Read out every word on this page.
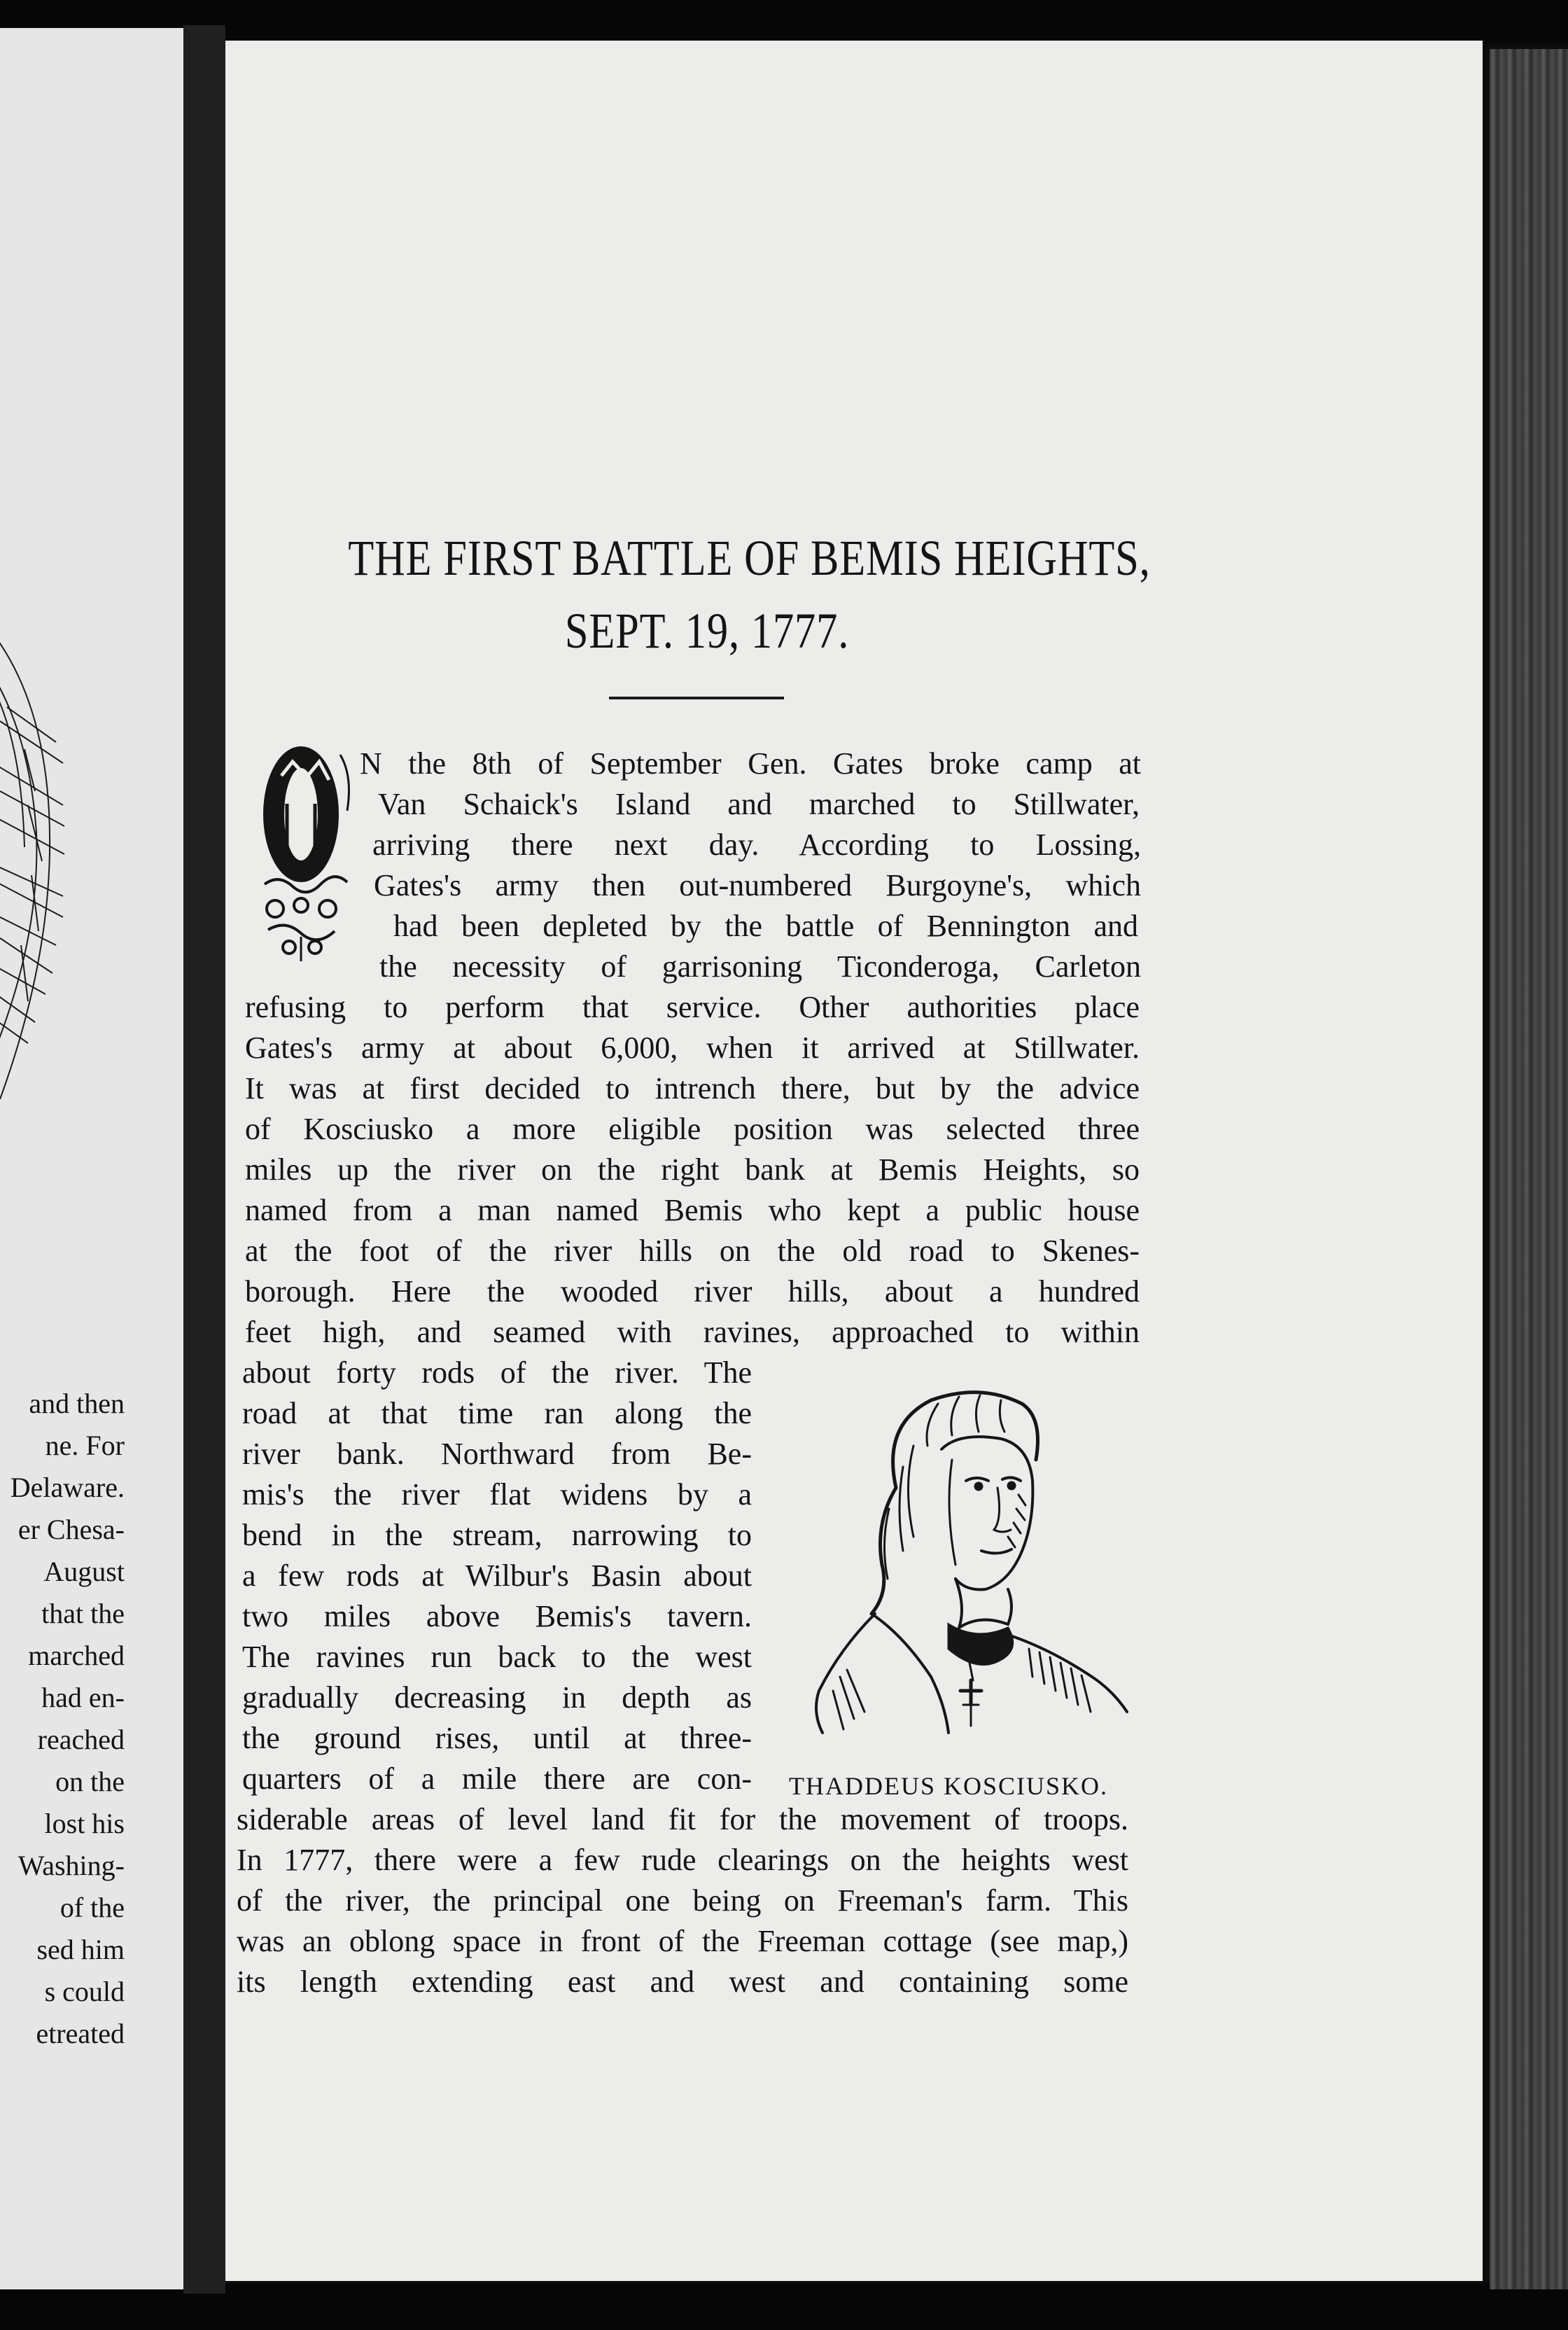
and then
ne. For
Delaware.
er Chesa-
August
that the
marched
had en-
reached
on the
lost his
Washing-
of the
sed him
s could
etreated
THE FIRST BATTLE OF BEMIS HEIGHTS,
SEPT. 19, 1777.
N the 8th of September Gen. Gates broke camp at
Van Schaick's Island and marched to Stillwater,
arriving there next day. According to Lossing,
Gates's army then out-numbered Burgoyne's, which
had been depleted by the battle of Bennington and
the necessity of garrisoning Ticonderoga, Carleton
refusing to perform that service. Other authorities place
Gates's army at about 6,000, when it arrived at Stillwater.
It was at first decided to intrench there, but by the advice
of Kosciusko a more eligible position was selected three
miles up the river on the right bank at Bemis Heights, so
named from a man named Bemis who kept a public house
at the foot of the river hills on the old road to Skenes-
borough. Here the wooded river hills, about a hundred
feet high, and seamed with ravines, approached to within
about forty rods of the river. The
road at that time ran along the
river bank. Northward from Be-
mis's the river flat widens by a
bend in the stream, narrowing to
a few rods at Wilbur's Basin about
two miles above Bemis's tavern.
The ravines run back to the west
gradually decreasing in depth as
the ground rises, until at three-
quarters of a mile there are con-
siderable areas of level land fit for the movement of troops.
In 1777, there were a few rude clearings on the heights west
of the river, the principal one being on Freeman's farm. This
was an oblong space in front of the Freeman cottage (see map,)
its length extending east and west and containing some
THADDEUS KOSCIUSKO.
